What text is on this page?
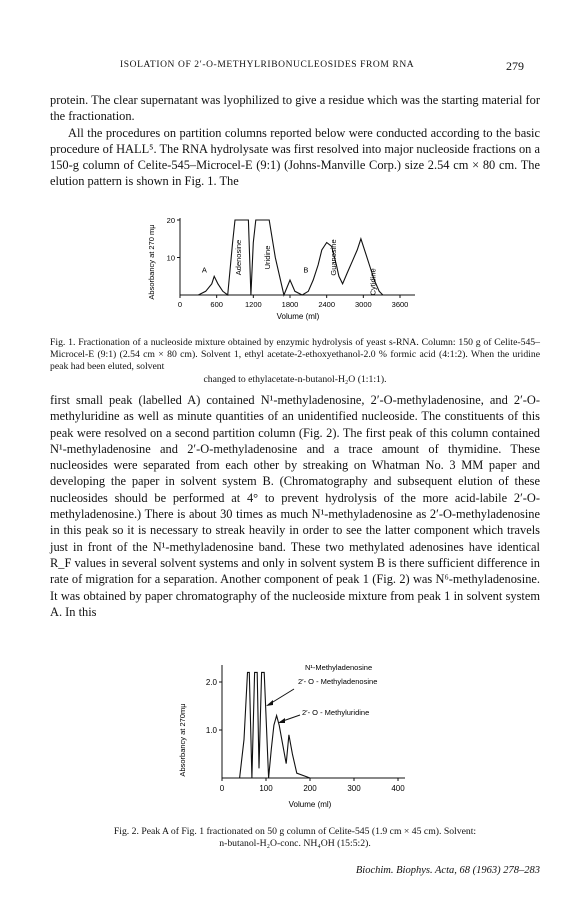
ISOLATION OF 2′-O-METHYLRIBONUCLEOSIDES FROM RNA	279

protein. The clear supernatant was lyophilized to give a residue which was the starting material for the fractionation.

All the procedures on partition columns reported below were conducted according to the basic procedure of HALL⁵. The RNA hydrolysate was first resolved into major nucleoside fractions on a 150-g column of Celite-545–Microcel-E (9:1) (Johns-Manville Corp.) size 2.54 cm × 80 cm. The elution pattern is shown in Fig. 1. The

0	600	1200	1800	2400	3000	3600
10
20
A	Adenosine	Uridine
B	Guanosine
Cytidine
Volume (ml)
Absorbancy at 270 mμ

Fig. 1. Fractionation of a nucleoside mixture obtained by enzymic hydrolysis of yeast s-RNA. Column: 150 g of Celite-545–Microcel-E (9:1) (2.54 cm × 80 cm). Solvent 1, ethyl acetate-2-ethoxyethanol-2.0 % formic acid (4:1:2). When the uridine peak had been eluted, solvent

changed to ethylacetate-n-butanol-H₂O (1:1:1).

first small peak (labelled A) contained N¹-methyladenosine, 2′-O-methyladenosine, and 2′-O-methyluridine as well as minute quantities of an unidentified nucleoside. The constituents of this peak were resolved on a second partition column (Fig. 2). The first peak of this column contained N¹-methyladenosine and 2′-O-methyladenosine and a trace amount of thymidine. These nucleosides were separated from each other by streaking on Whatman No. 3 MM paper and developing the paper in solvent system B. (Chromatography and subsequent elution of these nucleosides should be performed at 4° to prevent hydrolysis of the more acid-labile 2′-O-methyladenosine.) There is about 30 times as much N¹-methyladenosine as 2′-O-methyladenosine in this peak so it is necessary to streak heavily in order to see the latter component which travels just in front of the N¹-methyladenosine band. These two methylated adenosines have identical R_F values in several solvent systems and only in solvent system B is there sufficient difference in rate of migration for a separation. Another component of peak 1 (Fig. 2) was N⁶-methyladenosine. It was obtained by paper chromatography of the nucleoside mixture from peak 1 in solvent system A. In this

0	100	200	300	400
1.0
2.0
N¹-Methyladenosine
2′- O - Methyladenosine
2′- O - Methyluridine
Volume (ml)
Absorbancy at 270mμ

Fig. 2. Peak A of Fig. 1 fractionated on 50 g column of Celite-545 (1.9 cm × 45 cm). Solvent:

n-butanol-H₂O-conc. NH₄OH (15:5:2).

Biochim. Biophys. Acta, 68 (1963) 278–283
